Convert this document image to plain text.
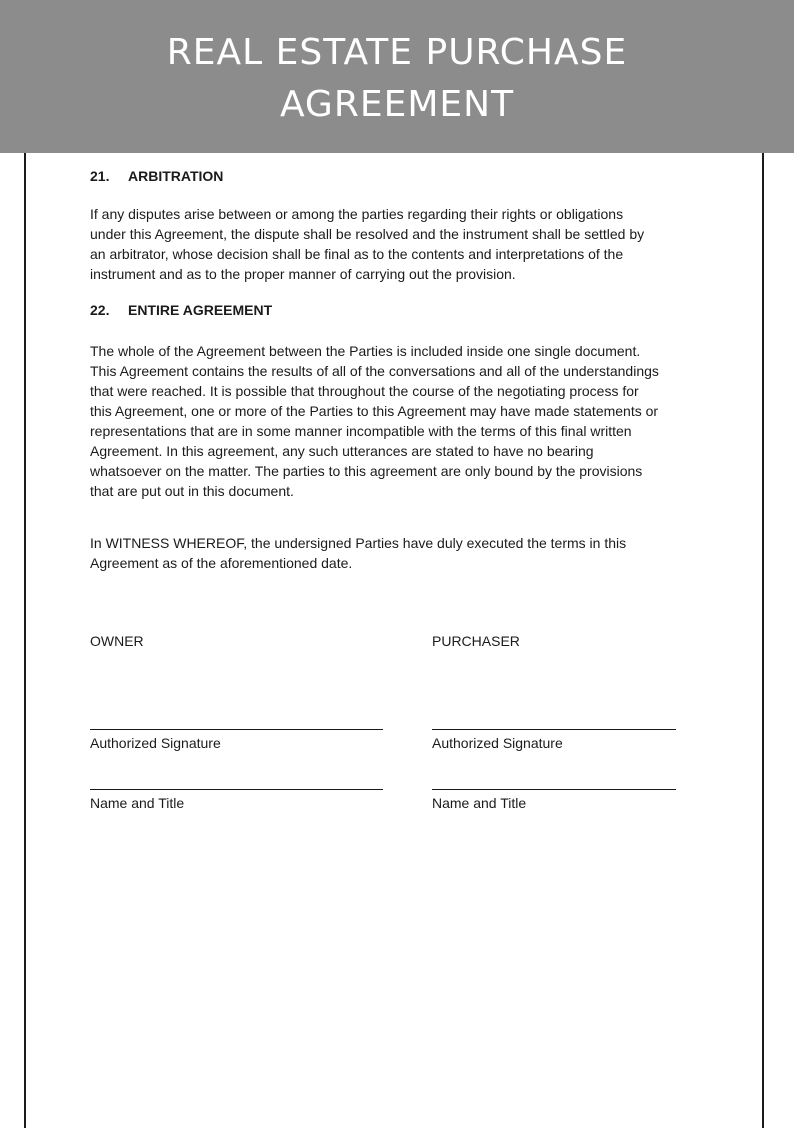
REAL ESTATE PURCHASE
AGREEMENT
21. ARBITRATION
If any disputes arise between or among the parties regarding their rights or obligations
under this Agreement, the dispute shall be resolved and the instrument shall be settled by
an arbitrator, whose decision shall be final as to the contents and interpretations of the
instrument and as to the proper manner of carrying out the provision.
22. ENTIRE AGREEMENT
The whole of the Agreement between the Parties is included inside one single document.
This Agreement contains the results of all of the conversations and all of the understandings
that were reached. It is possible that throughout the course of the negotiating process for
this Agreement, one or more of the Parties to this Agreement may have made statements or
representations that are in some manner incompatible with the terms of this final written
Agreement. In this agreement, any such utterances are stated to have no bearing
whatsoever on the matter. The parties to this agreement are only bound by the provisions
that are put out in this document.
In WITNESS WHEREOF, the undersigned Parties have duly executed the terms in this
Agreement as of the aforementioned date.
OWNER
Authorized Signature
Name and Title
PURCHASER
Authorized Signature
Name and Title
